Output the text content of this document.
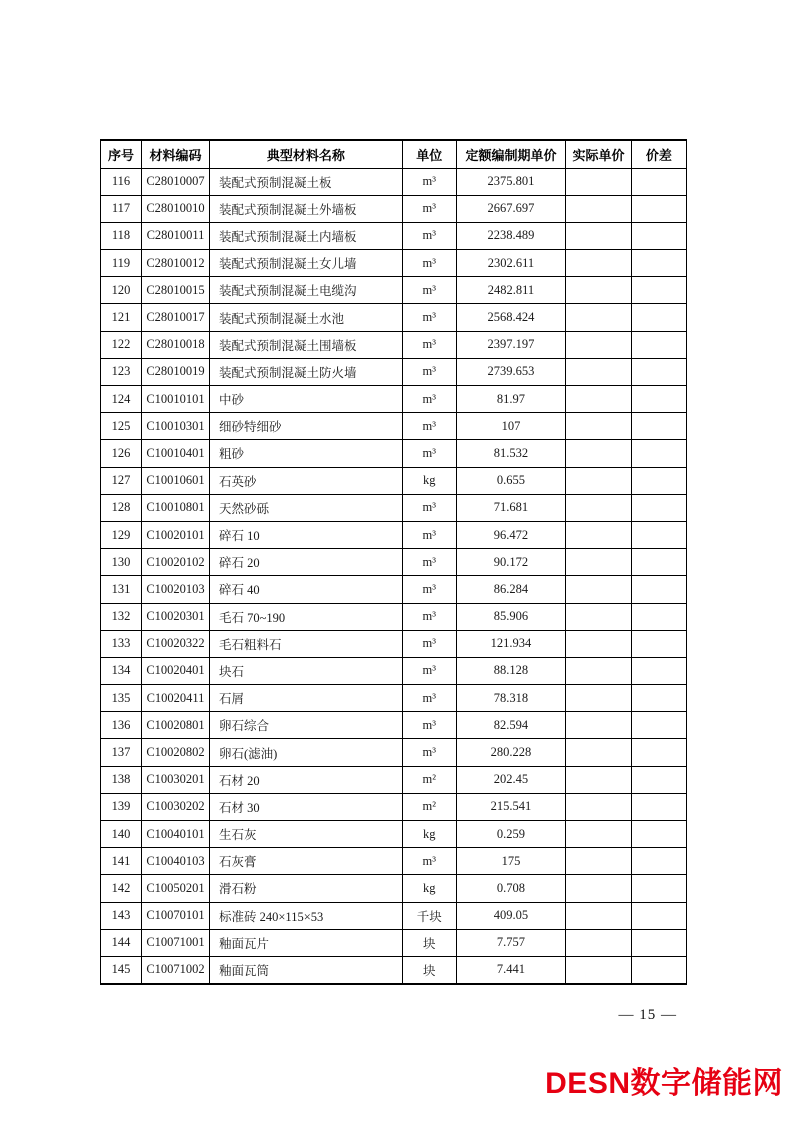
序号	材料编码	典型材料名称	单位	定额编制期单价	实际单价	价差
116	C28010007	装配式预制混凝土板	m³	2375.801		
117	C28010010	装配式预制混凝土外墙板	m³	2667.697		
118	C28010011	装配式预制混凝土内墙板	m³	2238.489		
119	C28010012	装配式预制混凝土女儿墙	m³	2302.611		
120	C28010015	装配式预制混凝土电缆沟	m³	2482.811		
121	C28010017	装配式预制混凝土水池	m³	2568.424		
122	C28010018	装配式预制混凝土围墙板	m³	2397.197		
123	C28010019	装配式预制混凝土防火墙	m³	2739.653		
124	C10010101	中砂	m³	81.97		
125	C10010301	细砂特细砂	m³	107		
126	C10010401	粗砂	m³	81.532		
127	C10010601	石英砂	kg	0.655		
128	C10010801	天然砂砾	m³	71.681		
129	C10020101	碎石 10	m³	96.472		
130	C10020102	碎石 20	m³	90.172		
131	C10020103	碎石 40	m³	86.284		
132	C10020301	毛石 70~190	m³	85.906		
133	C10020322	毛石粗料石	m³	121.934		
134	C10020401	块石	m³	88.128		
135	C10020411	石屑	m³	78.318		
136	C10020801	卵石综合	m³	82.594		
137	C10020802	卵石(滤油)	m³	280.228		
138	C10030201	石材 20	m²	202.45		
139	C10030202	石材 30	m²	215.541		
140	C10040101	生石灰	kg	0.259		
141	C10040103	石灰膏	m³	175		
142	C10050201	滑石粉	kg	0.708		
143	C10070101	标准砖 240×115×53	千块	409.05		
144	C10071001	釉面瓦片	块	7.757		
145	C10071002	釉面瓦筒	块	7.441		
— 15 —
DESN数字储能网
